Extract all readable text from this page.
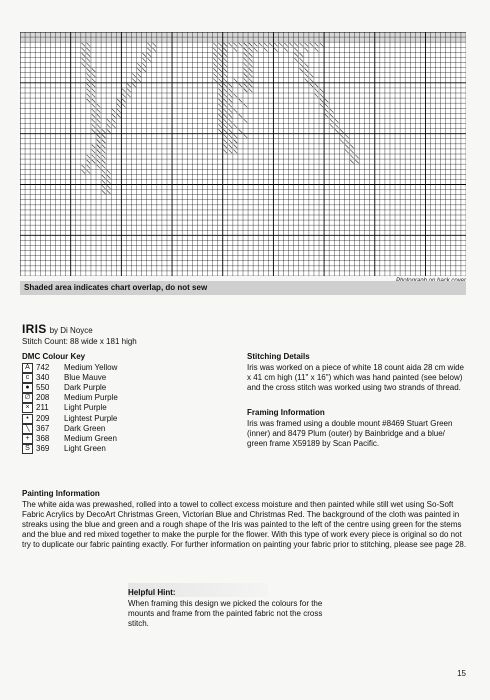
Shaded area indicates chart overlap, do not sew
IRIS by Di Noyce
Stitch Count: 88 wide x 181 high
DMC Colour Key
A	742	Medium Yellow
c	340	Blue Mauve
●	550	Dark Purple
∅	208	Medium Purple
×	211	Light Purple
•	209	Lightest Purple
╲	367	Dark Green
+	368	Medium Green
S	369	Light Green
Stitching Details
Iris was worked on a piece of white 18 count aida 28 cm wide x 41 cm high (11" x 16") which was hand painted (see below) and the cross stitch was worked using two strands of thread.
Framing Information
Iris was framed using a double mount #8469 Stuart Green (inner) and 8479 Plum (outer) by Bainbridge and a blue/ green frame X59189 by Scan Pacific.
Painting Information
The white aida was prewashed, rolled into a towel to collect excess moisture and then painted while still wet using So-Soft Fabric Acrylics by DecoArt Christmas Green, Victorian Blue and Christmas Red. The background of the cloth was painted in streaks using the blue and green and a rough shape of the Iris was painted to the left of the centre using green for the stems and the blue and red mixed together to make the purple for the flower. With this type of work every piece is original so do not try to duplicate our fabric painting exactly. For further information on painting your fabric prior to stitching, please see page 28.
Helpful Hint:
When framing this design we picked the colours for the mounts and frame from the painted fabric not the cross stitch.
15
